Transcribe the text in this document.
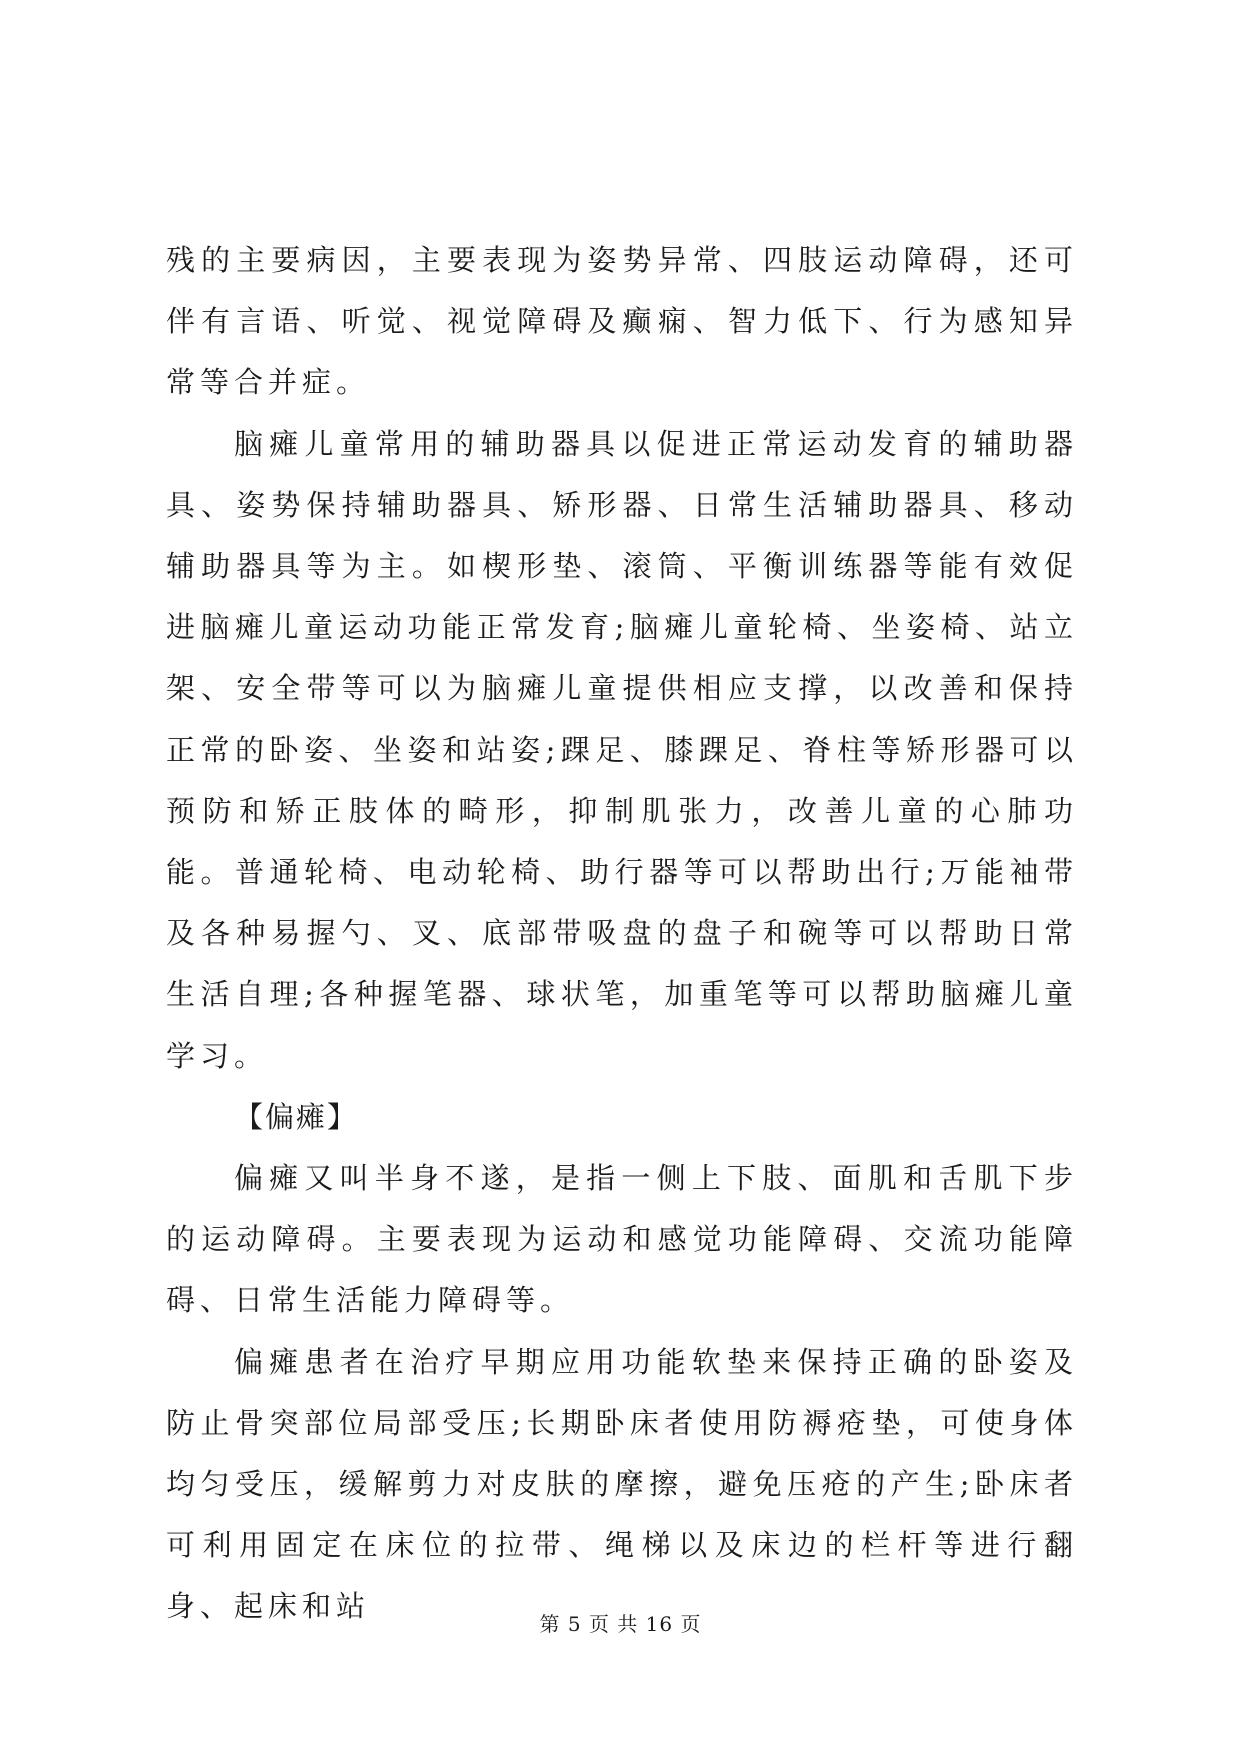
残的主要病因，主要表现为姿势异常、四肢运动障碍，还可伴有言语、听觉、视觉障碍及癫痫、智力低下、行为感知异常等合并症。

脑瘫儿童常用的辅助器具以促进正常运动发育的辅助器具、姿势保持辅助器具、矫形器、日常生活辅助器具、移动辅助器具等为主。如楔形垫、滚筒、平衡训练器等能有效促进脑瘫儿童运动功能正常发育;脑瘫儿童轮椅、坐姿椅、站立架、安全带等可以为脑瘫儿童提供相应支撑，以改善和保持正常的卧姿、坐姿和站姿;踝足、膝踝足、脊柱等矫形器可以预防和矫正肢体的畸形，抑制肌张力，改善儿童的心肺功能。普通轮椅、电动轮椅、助行器等可以帮助出行;万能袖带及各种易握勺、叉、底部带吸盘的盘子和碗等可以帮助日常生活自理;各种握笔器、球状笔，加重笔等可以帮助脑瘫儿童学习。

【偏瘫】

偏瘫又叫半身不遂，是指一侧上下肢、面肌和舌肌下步的运动障碍。主要表现为运动和感觉功能障碍、交流功能障碍、日常生活能力障碍等。

偏瘫患者在治疗早期应用功能软垫来保持正确的卧姿及防止骨突部位局部受压;长期卧床者使用防褥疮垫，可使身体均匀受压，缓解剪力对皮肤的摩擦，避免压疮的产生;卧床者可利用固定在床位的拉带、绳梯以及床边的栏杆等进行翻身、起床和站

第 5 页 共 16 页
